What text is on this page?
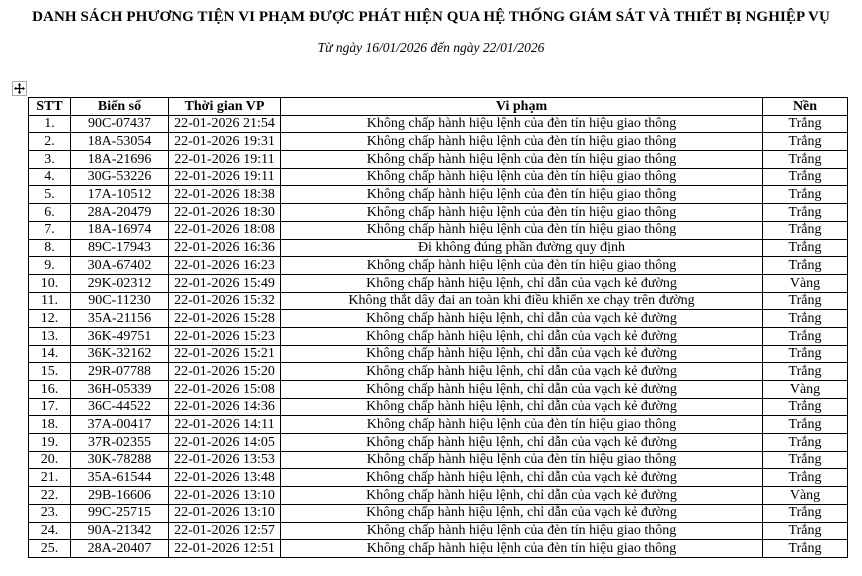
DANH SÁCH PHƯƠNG TIỆN VI PHẠM ĐƯỢC PHÁT HIỆN QUA HỆ THỐNG GIÁM SÁT VÀ THIẾT BỊ NGHIỆP VỤ
Từ ngày 16/01/2026 đến ngày 22/01/2026
STT	Biển số	Thời gian VP	Vi phạm	Nền
1.	90C-07437	22-01-2026 21:54	Không chấp hành hiệu lệnh của đèn tín hiệu giao thông	Trắng
2.	18A-53054	22-01-2026 19:31	Không chấp hành hiệu lệnh của đèn tín hiệu giao thông	Trắng
3.	18A-21696	22-01-2026 19:11	Không chấp hành hiệu lệnh của đèn tín hiệu giao thông	Trắng
4.	30G-53226	22-01-2026 19:11	Không chấp hành hiệu lệnh của đèn tín hiệu giao thông	Trắng
5.	17A-10512	22-01-2026 18:38	Không chấp hành hiệu lệnh của đèn tín hiệu giao thông	Trắng
6.	28A-20479	22-01-2026 18:30	Không chấp hành hiệu lệnh của đèn tín hiệu giao thông	Trắng
7.	18A-16974	22-01-2026 18:08	Không chấp hành hiệu lệnh của đèn tín hiệu giao thông	Trắng
8.	89C-17943	22-01-2026 16:36	Đi không đúng phần đường quy định	Trắng
9.	30A-67402	22-01-2026 16:23	Không chấp hành hiệu lệnh của đèn tín hiệu giao thông	Trắng
10.	29K-02312	22-01-2026 15:49	Không chấp hành hiệu lệnh, chỉ dẫn của vạch kẻ đường	Vàng
11.	90C-11230	22-01-2026 15:32	Không thắt dây đai an toàn khi điều khiển xe chạy trên đường	Trắng
12.	35A-21156	22-01-2026 15:28	Không chấp hành hiệu lệnh, chỉ dẫn của vạch kẻ đường	Trắng
13.	36K-49751	22-01-2026 15:23	Không chấp hành hiệu lệnh, chỉ dẫn của vạch kẻ đường	Trắng
14.	36K-32162	22-01-2026 15:21	Không chấp hành hiệu lệnh, chỉ dẫn của vạch kẻ đường	Trắng
15.	29R-07788	22-01-2026 15:20	Không chấp hành hiệu lệnh, chỉ dẫn của vạch kẻ đường	Trắng
16.	36H-05339	22-01-2026 15:08	Không chấp hành hiệu lệnh, chỉ dẫn của vạch kẻ đường	Vàng
17.	36C-44522	22-01-2026 14:36	Không chấp hành hiệu lệnh, chỉ dẫn của vạch kẻ đường	Trắng
18.	37A-00417	22-01-2026 14:11	Không chấp hành hiệu lệnh của đèn tín hiệu giao thông	Trắng
19.	37R-02355	22-01-2026 14:05	Không chấp hành hiệu lệnh, chỉ dẫn của vạch kẻ đường	Trắng
20.	30K-78288	22-01-2026 13:53	Không chấp hành hiệu lệnh của đèn tín hiệu giao thông	Trắng
21.	35A-61544	22-01-2026 13:48	Không chấp hành hiệu lệnh, chỉ dẫn của vạch kẻ đường	Trắng
22.	29B-16606	22-01-2026 13:10	Không chấp hành hiệu lệnh, chỉ dẫn của vạch kẻ đường	Vàng
23.	99C-25715	22-01-2026 13:10	Không chấp hành hiệu lệnh, chỉ dẫn của vạch kẻ đường	Trắng
24.	90A-21342	22-01-2026 12:57	Không chấp hành hiệu lệnh của đèn tín hiệu giao thông	Trắng
25.	28A-20407	22-01-2026 12:51	Không chấp hành hiệu lệnh của đèn tín hiệu giao thông	Trắng
